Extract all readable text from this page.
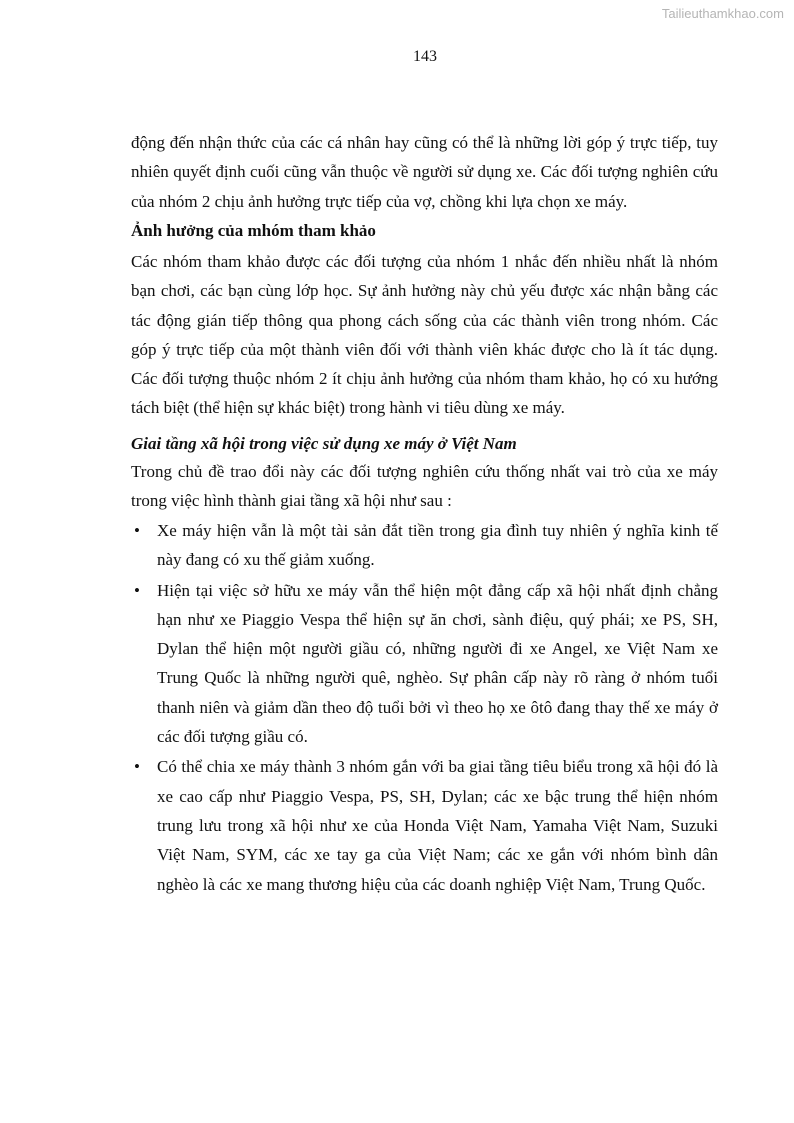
Tailieuthamkhao.com
143

động đến nhận thức của các cá nhân hay cũng có thể là những lời góp ý trực tiếp, tuy nhiên quyết định cuối cũng vẫn thuộc về người sử dụng xe. Các đối tượng nghiên cứu của nhóm 2 chịu ảnh hưởng trực tiếp của vợ, chồng khi lựa chọn xe máy.

Ảnh hưởng của mhóm tham khảo

Các nhóm tham khảo được các đối tượng của nhóm 1 nhắc đến nhiều nhất là nhóm bạn chơi, các bạn cùng lớp học. Sự ảnh hưởng này chủ yếu được xác nhận bằng các tác động gián tiếp thông qua phong cách sống của các thành viên trong nhóm. Các góp ý trực tiếp của một thành viên đối với thành viên khác được cho là ít tác dụng. Các đối tượng thuộc nhóm 2 ít chịu ảnh hưởng của nhóm tham khảo, họ có xu hướng tách biệt (thể hiện sự khác biệt) trong hành vi tiêu dùng xe máy.

Giai tầng xã hội trong việc sử dụng xe máy ở Việt Nam

Trong chủ đề trao đổi này các đối tượng nghiên cứu thống nhất vai trò của xe máy trong việc hình thành giai tầng xã hội như sau :

• Xe máy hiện vẫn là một tài sản đắt tiền trong gia đình tuy nhiên ý nghĩa kinh tế này đang có xu thế giảm xuống.
• Hiện tại việc sở hữu xe máy vẫn thể hiện một đẳng cấp xã hội nhất định chẳng hạn như xe Piaggio Vespa thể hiện sự ăn chơi, sành điệu, quý phái; xe PS, SH, Dylan thể hiện một người giầu có, những người đi xe Angel, xe Việt Nam xe Trung Quốc là những người quê, nghèo. Sự phân cấp này rõ ràng ở nhóm tuổi thanh niên và giảm dần theo độ tuổi bởi vì theo họ xe ôtô đang thay thế xe máy ở các đối tượng giầu có.
• Có thể chia xe máy thành 3 nhóm gắn với ba giai tầng tiêu biểu trong xã hội đó là xe cao cấp như Piaggio Vespa, PS, SH, Dylan; các xe bậc trung thể hiện nhóm trung lưu trong xã hội như xe của Honda Việt Nam, Yamaha Việt Nam, Suzuki Việt Nam, SYM, các xe tay ga của Việt Nam; các xe gắn với nhóm bình dân nghèo là các xe mang thương hiệu của các doanh nghiệp Việt Nam, Trung Quốc.
